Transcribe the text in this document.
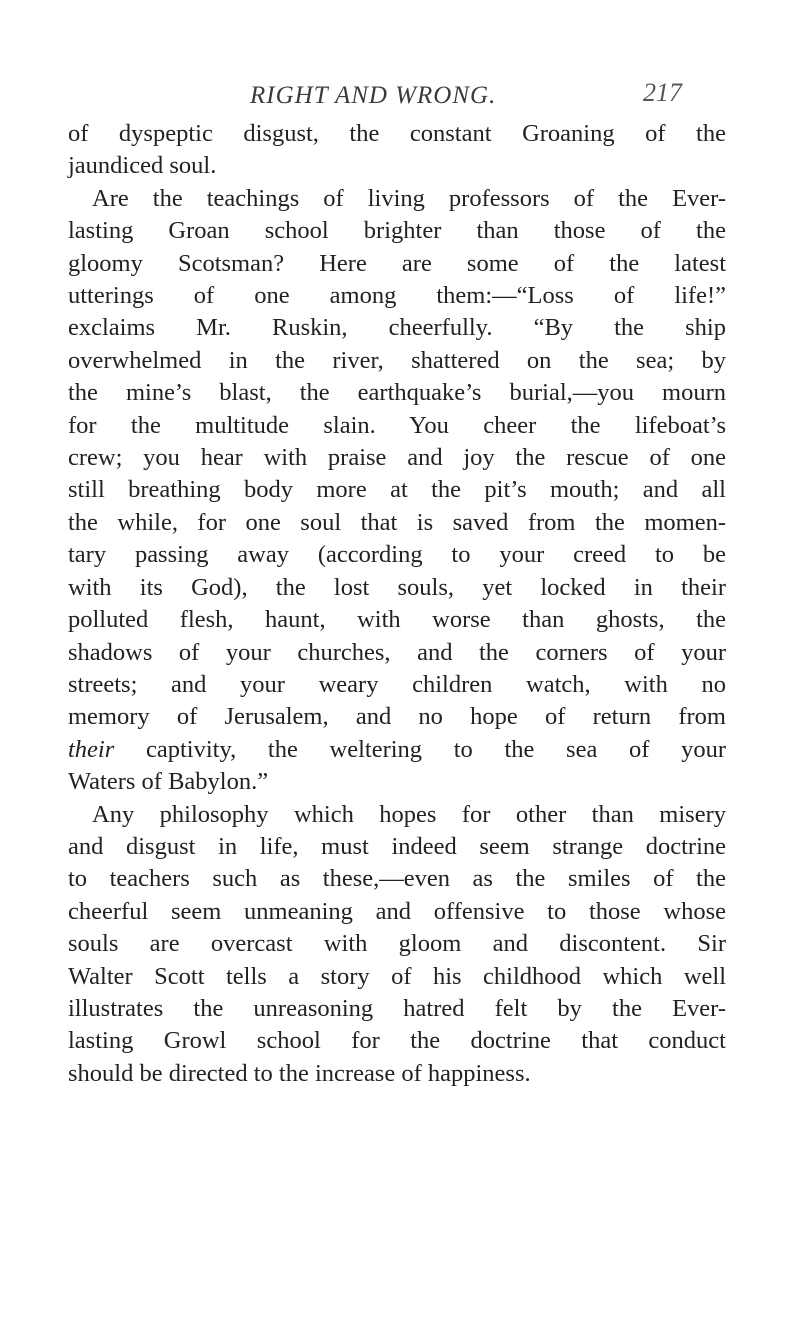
RIGHT AND WRONG.	217
of dyspeptic disgust, the constant Groaning of the
jaundiced soul.
Are the teachings of living professors of the Ever-
lasting Groan school brighter than those of the
gloomy Scotsman? Here are some of the latest
utterings of one among them:—“Loss of life!”
exclaims Mr. Ruskin, cheerfully. “By the ship
overwhelmed in the river, shattered on the sea; by
the mine’s blast, the earthquake’s burial,—you mourn
for the multitude slain. You cheer the lifeboat’s
crew; you hear with praise and joy the rescue of one
still breathing body more at the pit’s mouth; and all
the while, for one soul that is saved from the momen-
tary passing away (according to your creed to be
with its God), the lost souls, yet locked in their
polluted flesh, haunt, with worse than ghosts, the
shadows of your churches, and the corners of your
streets; and your weary children watch, with no
memory of Jerusalem, and no hope of return from
their captivity, the weltering to the sea of your
Waters of Babylon.”
Any philosophy which hopes for other than misery
and disgust in life, must indeed seem strange doctrine
to teachers such as these,—even as the smiles of the
cheerful seem unmeaning and offensive to those whose
souls are overcast with gloom and discontent. Sir
Walter Scott tells a story of his childhood which well
illustrates the unreasoning hatred felt by the Ever-
lasting Growl school for the doctrine that conduct
should be directed to the increase of happiness.
